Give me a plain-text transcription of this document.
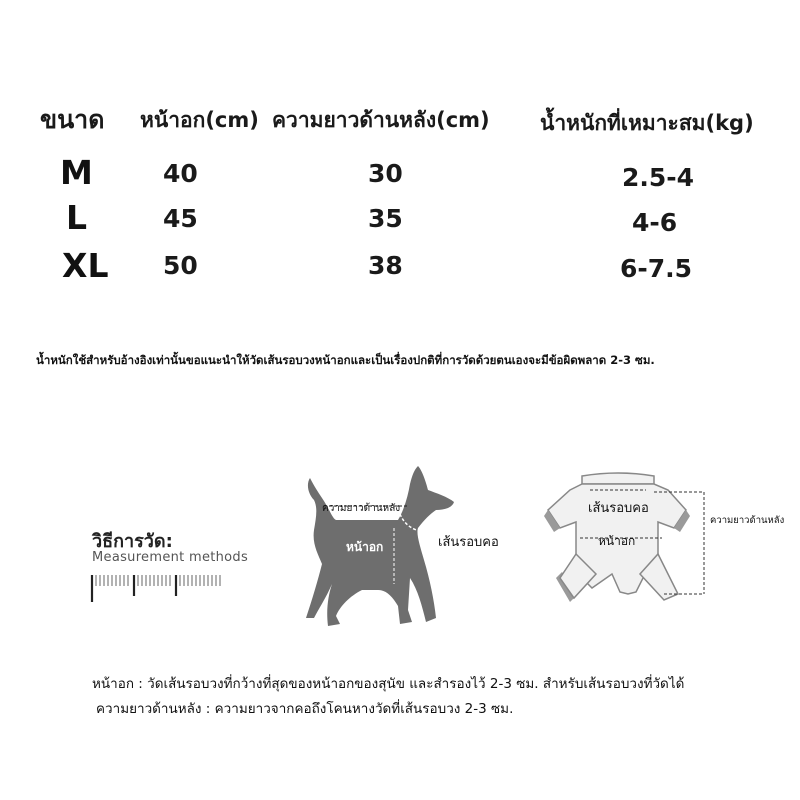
ขนาด หน้าอก(cm) ความยาวด้านหลัง(cm) น้ำหนักที่เหมาะสม(kg)
M	40	30	2.5-4
L	45	35	4-6
XL 50	38	6-7.5
น้ำหนักใช้สำหรับอ้างอิงเท่านั้นขอแนะนำให้วัดเส้นรอบวงหน้าอกและเป็นเรื่องปกติที่การวัดด้วยตนเองจะมีข้อผิดพลาด 2-3 ซม.
วิธีการวัด:
Measurement methods
ความยาวด้านหลัง
หน้าอก	เส้นรอบคอ
เส้นรอบคอ
หน้าอก
ความยาวด้านหลัง
หน้าอก : วัดเส้นรอบวงที่กว้างที่สุดของหน้าอกของสุนัข และสำรองไว้ 2-3 ซม. สำหรับเส้นรอบวงที่วัดได้
ความยาวด้านหลัง : ความยาวจากคอถึงโคนหางวัดที่เส้นรอบวง 2-3 ซม.
